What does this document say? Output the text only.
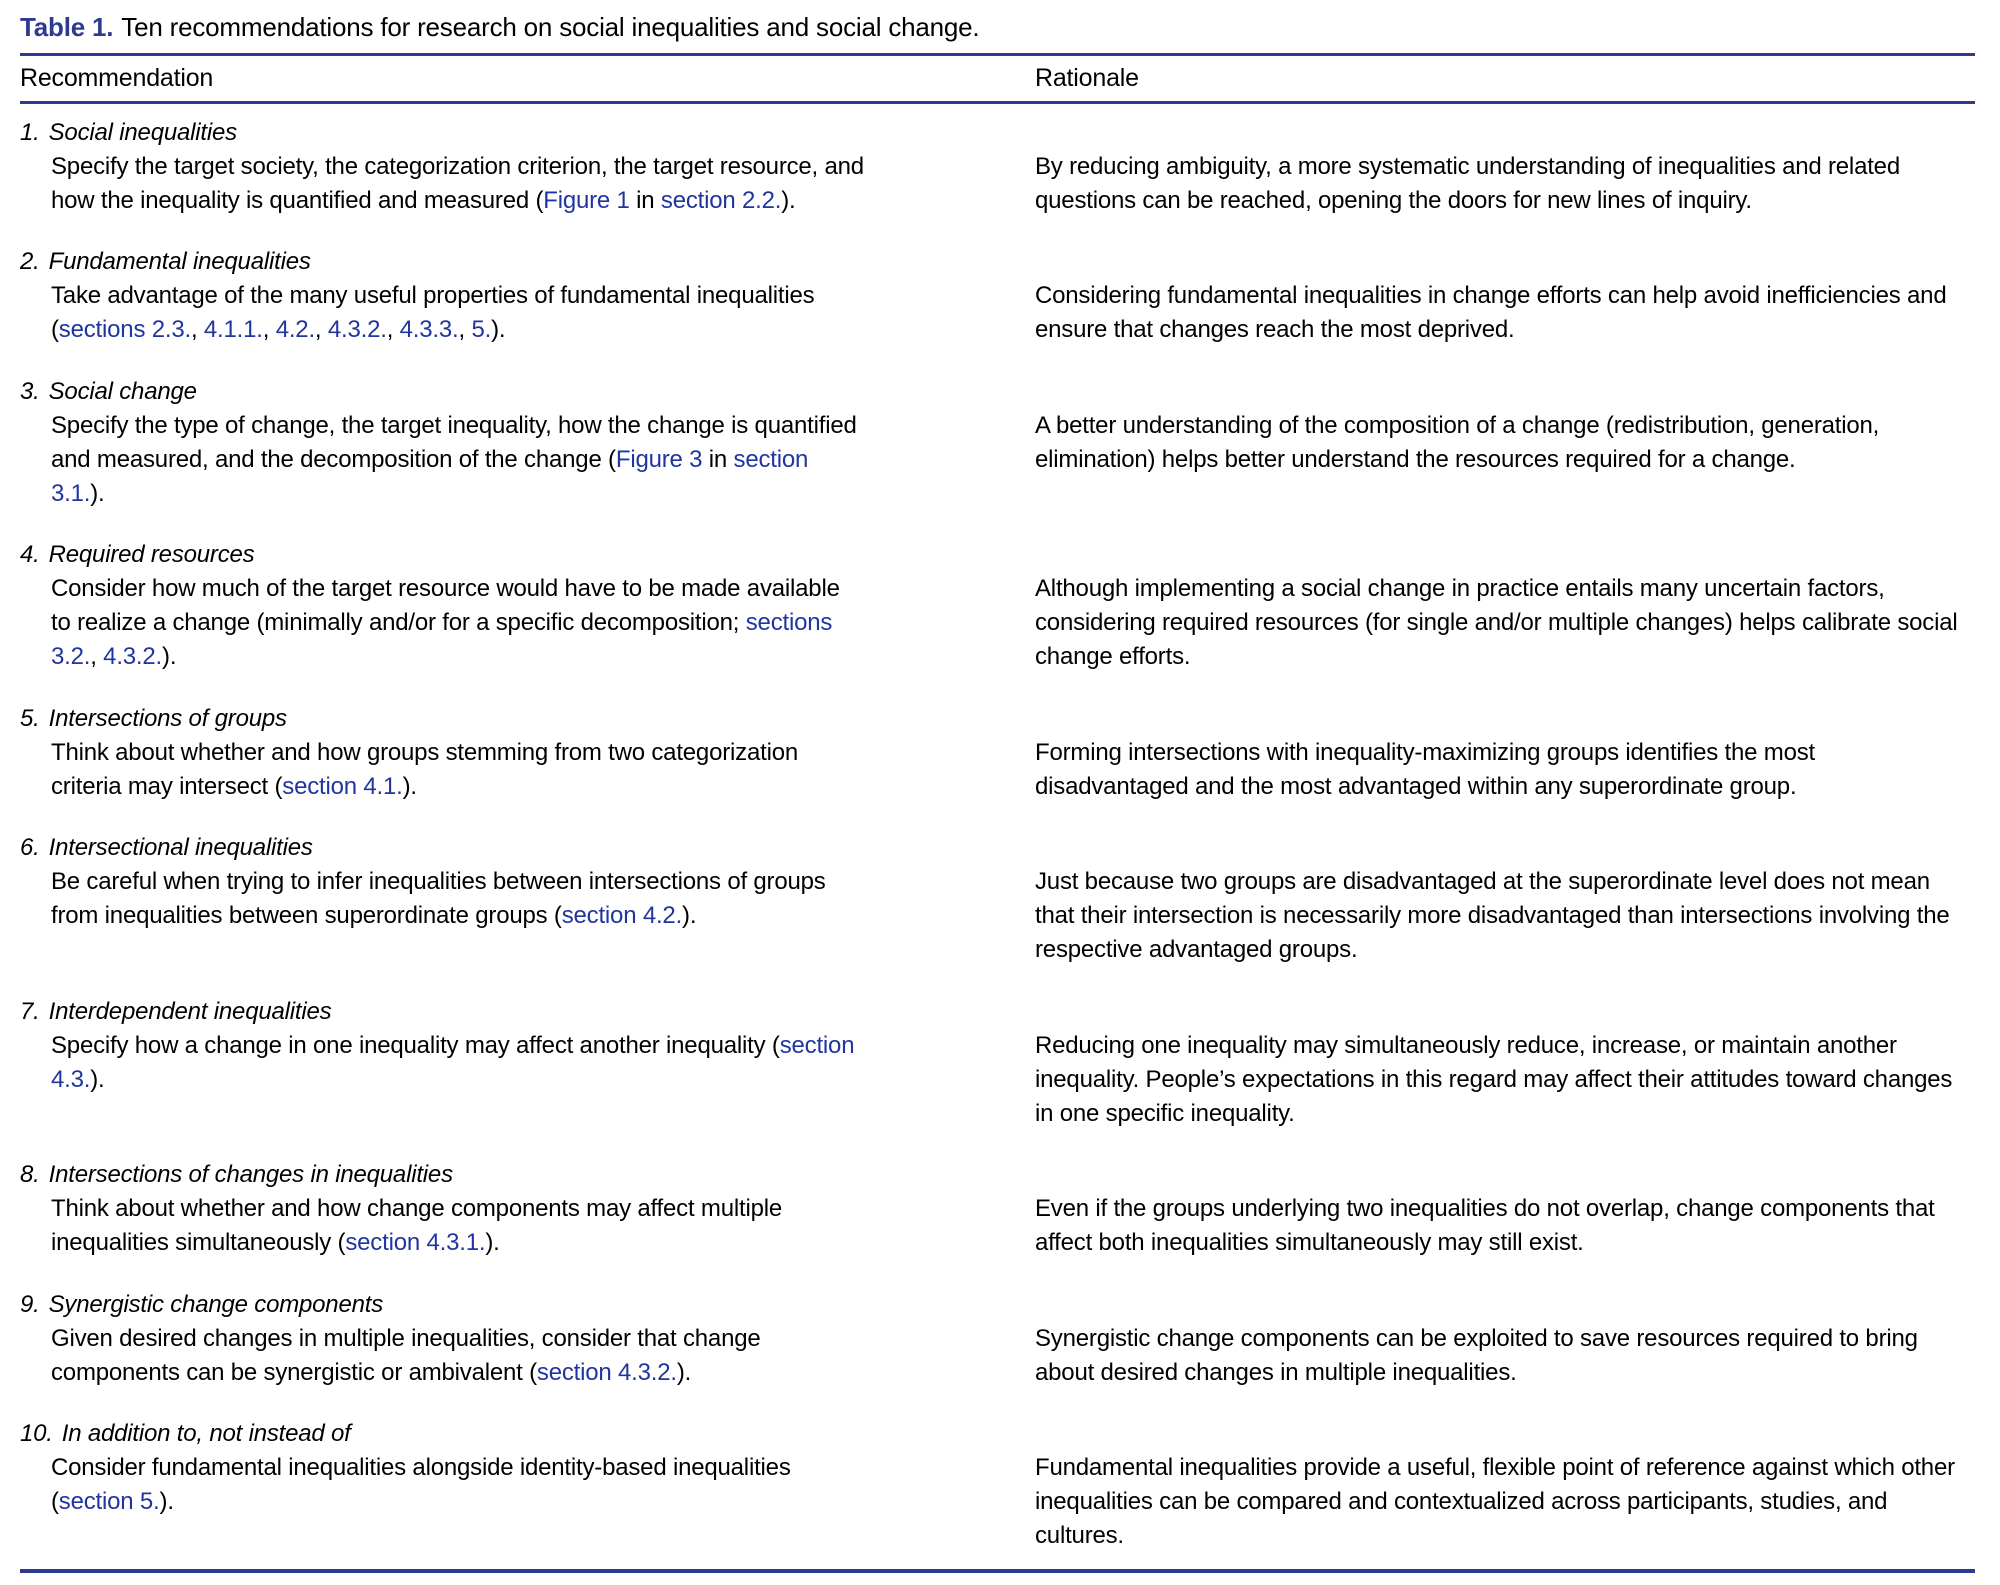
Table 1. Ten recommendations for research on social inequalities and social change.
Recommendation	Rationale
1. Social inequalities
Specify the target society, the categorization criterion, the target resource, and how the inequality is quantified and measured (Figure 1 in section 2.2.).

By reducing ambiguity, a more systematic understanding of inequalities and related questions can be reached, opening the doors for new lines of inquiry.

2. Fundamental inequalities
Take advantage of the many useful properties of fundamental inequalities (sections 2.3., 4.1.1., 4.2., 4.3.2., 4.3.3., 5.).

Considering fundamental inequalities in change efforts can help avoid inefficiencies and ensure that changes reach the most deprived.

3. Social change
Specify the type of change, the target inequality, how the change is quantified and measured, and the decomposition of the change (Figure 3 in section 3.1.).

A better understanding of the composition of a change (redistribution, generation, elimination) helps better understand the resources required for a change.

4. Required resources
Consider how much of the target resource would have to be made available to realize a change (minimally and/or for a specific decomposition; sections 3.2., 4.3.2.).

Although implementing a social change in practice entails many uncertain factors, considering required resources (for single and/or multiple changes) helps calibrate social change efforts.

5. Intersections of groups
Think about whether and how groups stemming from two categorization criteria may intersect (section 4.1.).

Forming intersections with inequality-maximizing groups identifies the most disadvantaged and the most advantaged within any superordinate group.

6. Intersectional inequalities
Be careful when trying to infer inequalities between intersections of groups from inequalities between superordinate groups (section 4.2.).

Just because two groups are disadvantaged at the superordinate level does not mean that their intersection is necessarily more disadvantaged than intersections involving the respective advantaged groups.

7. Interdependent inequalities
Specify how a change in one inequality may affect another inequality (section 4.3.).

Reducing one inequality may simultaneously reduce, increase, or maintain another inequality. People’s expectations in this regard may affect their attitudes toward changes in one specific inequality.

8. Intersections of changes in inequalities
Think about whether and how change components may affect multiple inequalities simultaneously (section 4.3.1.).

Even if the groups underlying two inequalities do not overlap, change components that affect both inequalities simultaneously may still exist.

9. Synergistic change components
Given desired changes in multiple inequalities, consider that change components can be synergistic or ambivalent (section 4.3.2.).

Synergistic change components can be exploited to save resources required to bring about desired changes in multiple inequalities.

10. In addition to, not instead of
Consider fundamental inequalities alongside identity-based inequalities (section 5.).

Fundamental inequalities provide a useful, flexible point of reference against which other inequalities can be compared and contextualized across participants, studies, and cultures.
